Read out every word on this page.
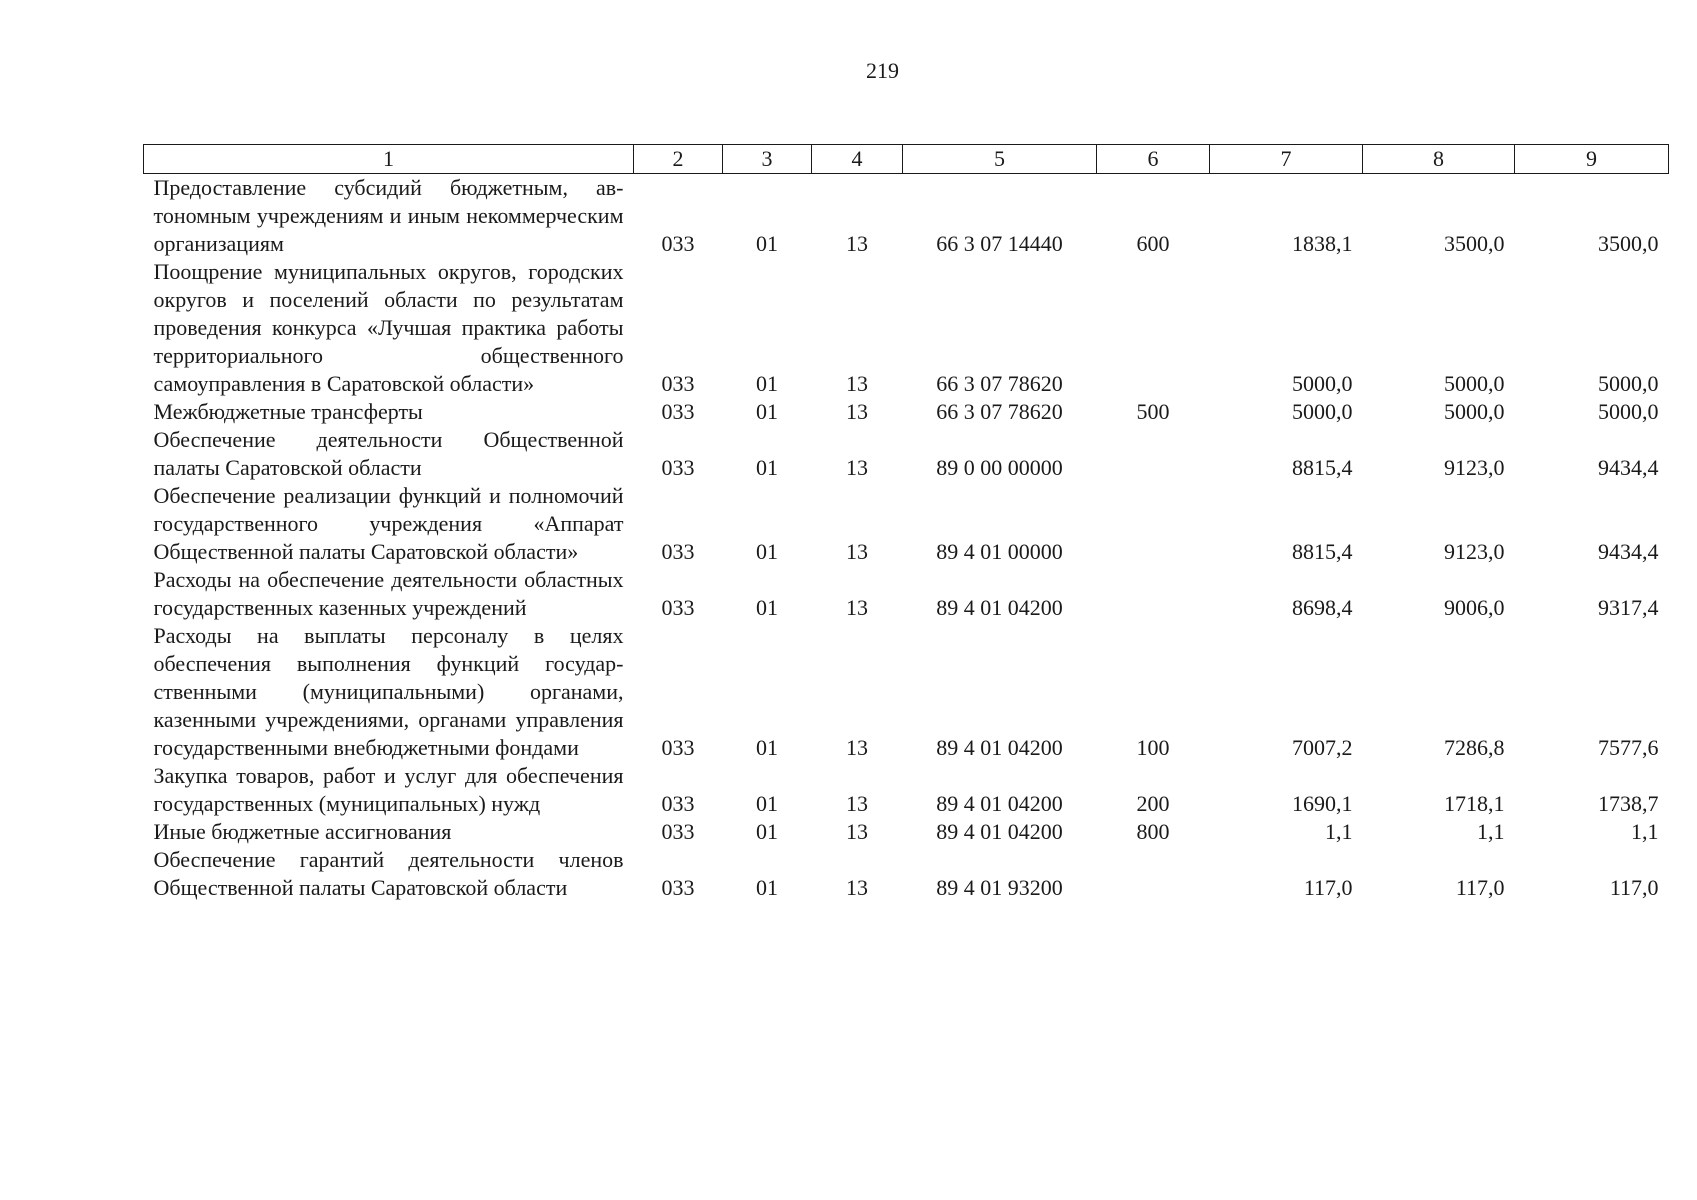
219
1	2	3	4	5	6	7	8	9
Предоставление субсидий бюджетным, автономным учреждениям и иным некоммерческим организациям	033	01	13	66 3 07 14440	600	1838,1	3500,0	3500,0
Поощрение муниципальных округов, городских округов и поселений области по результатам проведения конкурса «Лучшая практика работы территориального общественного самоуправления в Саратовской области»	033	01	13	66 3 07 78620		5000,0	5000,0	5000,0
Межбюджетные трансферты	033	01	13	66 3 07 78620	500	5000,0	5000,0	5000,0
Обеспечение деятельности Общественной палаты Саратовской области	033	01	13	89 0 00 00000		8815,4	9123,0	9434,4
Обеспечение реализации функций и полномочий государственного учреждения «Аппарат Общественной палаты Саратовской области»	033	01	13	89 4 01 00000		8815,4	9123,0	9434,4
Расходы на обеспечение деятельности областных государственных казенных учреждений	033	01	13	89 4 01 04200		8698,4	9006,0	9317,4
Расходы на выплаты персоналу в целях обеспечения выполнения функций государственными (муниципальными) органами, казенными учреждениями, органами управления государственными внебюджетными фондами	033	01	13	89 4 01 04200	100	7007,2	7286,8	7577,6
Закупка товаров, работ и услуг для обеспечения государственных (муниципальных) нужд	033	01	13	89 4 01 04200	200	1690,1	1718,1	1738,7
Иные бюджетные ассигнования	033	01	13	89 4 01 04200	800	1,1	1,1	1,1
Обеспечение гарантий деятельности членов Общественной палаты Саратовской области	033	01	13	89 4 01 93200		117,0	117,0	117,0
